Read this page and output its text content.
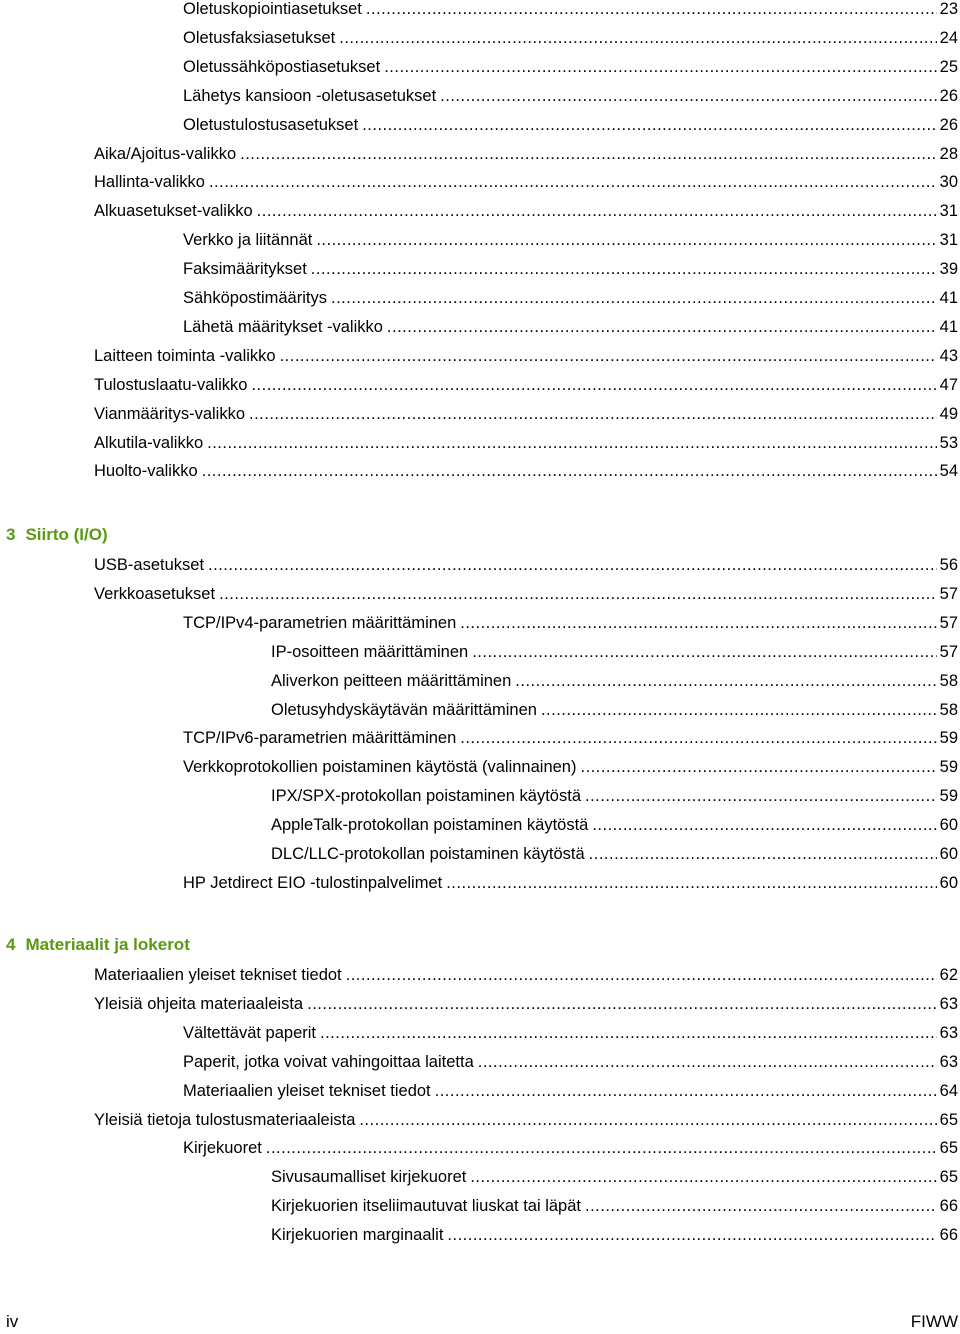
Oletuskopiointiasetukset .....	23
Oletusfaksiasetukset .....	24
Oletussähköpostiasetukset .....	25
Lähetys kansioon -oletusasetukset .....	26
Oletustulostusasetukset .....	26
Aika/Ajoitus-valikko .....	28
Hallinta-valikko .....	30
Alkuasetukset-valikko .....	31
Verkko ja liitännät .....	31
Faksimääritykset .....	39
Sähköpostimääritys .....	41
Lähetä määritykset -valikko .....	41
Laitteen toiminta -valikko .....	43
Tulostuslaatu-valikko .....	47
Vianmääritys-valikko .....	49
Alkutila-valikko .....	53
Huolto-valikko .....	54
3 Siirto (I/O)
USB-asetukset .....	56
Verkkoasetukset .....	57
TCP/IPv4-parametrien määrittäminen .....	57
IP-osoitteen määrittäminen .....	57
Aliverkon peitteen määrittäminen .....	58
Oletusyhdyskäytävän määrittäminen .....	58
TCP/IPv6-parametrien määrittäminen .....	59
Verkkoprotokollien poistaminen käytöstä (valinnainen) .....	59
IPX/SPX-protokollan poistaminen käytöstä .....	59
AppleTalk-protokollan poistaminen käytöstä .....	60
DLC/LLC-protokollan poistaminen käytöstä .....	60
HP Jetdirect EIO -tulostinpalvelimet .....	60
4 Materiaalit ja lokerot
Materiaalien yleiset tekniset tiedot .....	62
Yleisiä ohjeita materiaaleista .....	63
Vältettävät paperit .....	63
Paperit, jotka voivat vahingoittaa laitetta .....	63
Materiaalien yleiset tekniset tiedot .....	64
Yleisiä tietoja tulostusmateriaaleista .....	65
Kirjekuoret .....	65
Sivusaumalliset kirjekuoret .....	65
Kirjekuorien itseliimautuvat liuskat tai läpät .....	66
Kirjekuorien marginaalit .....	66
iv	FIWW
